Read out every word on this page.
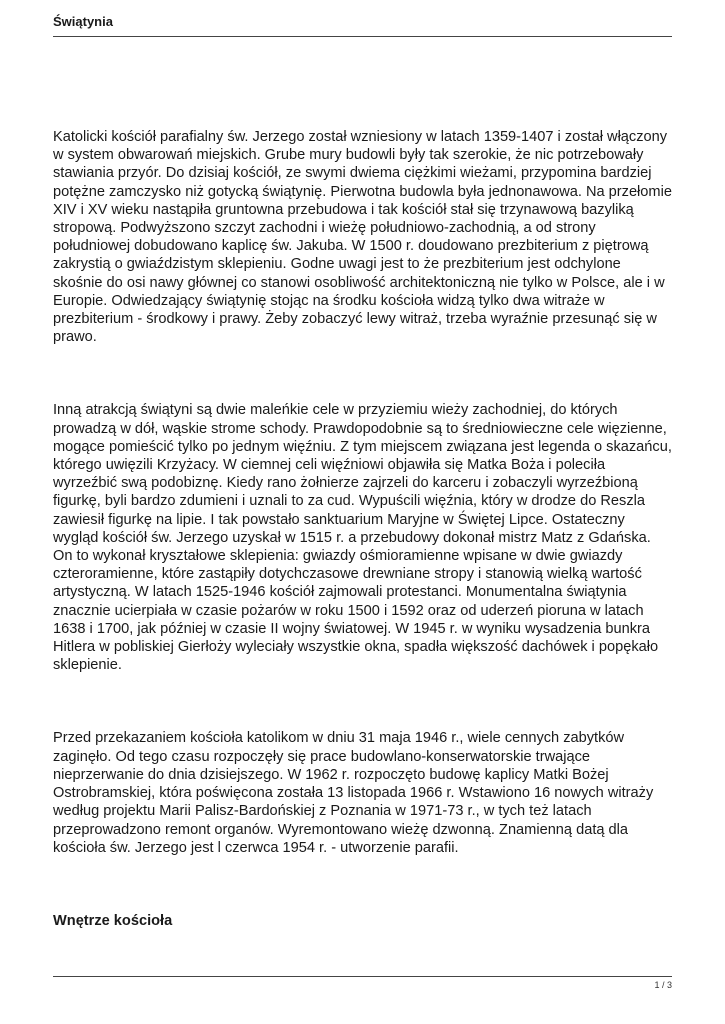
Świątynia

Katolicki kościół parafialny św. Jerzego został wzniesiony w latach 1359-1407 i został włączony w system obwarowań miejskich. Grube mury budowli były tak szerokie, że nic potrzebowały stawiania przyór. Do dzisiaj kościół, ze swymi dwiema ciężkimi wieżami, przypomina bardziej potężne zamczysko niż gotycką świątynię. Pierwotna budowla była jednonawowa. Na przełomie XIV i XV wieku nastąpiła gruntowna przebudowa i tak kościół stał się trzynawową bazyliką stropową. Podwyższono szczyt zachodni i wieżę południowo-zachodnią, a od strony południowej dobudowano kaplicę św. Jakuba. W 1500 r. doudowano prezbiterium z piętrową zakrystią o gwiaździstym sklepieniu. Godne uwagi jest to że prezbiterium jest odchylone skośnie do osi nawy głównej co stanowi osobliwość architektoniczną nie tylko w Polsce, ale i w Europie. Odwiedzający świątynię stojąc na środku kościoła widzą tylko dwa witraże w prezbiterium - środkowy i prawy. Żeby zobaczyć lewy witraż, trzeba wyraźnie przesunąć się w prawo.

Inną atrakcją świątyni są dwie maleńkie cele w przyziemiu wieży zachodniej, do których prowadzą w dół, wąskie strome schody. Prawdopodobnie są to średniowieczne cele więzienne, mogące pomieścić tylko po jednym więźniu. Z tym miejscem związana jest legenda o skazańcu, którego uwięzili Krzyżacy. W ciemnej celi więźniowi objawiła się Matka Boża i poleciła wyrzeźbić swą podobiznę. Kiedy rano żołnierze zajrzeli do karceru i zobaczyli wyrzeźbioną figurkę, byli bardzo zdumieni i uznali to za cud. Wypuścili więźnia, który w drodze do Reszla zawiesił figurkę na lipie. I tak powstało sanktuarium Maryjne w Świętej Lipce. Ostateczny wygląd kościół św. Jerzego uzyskał w 1515 r. a przebudowy dokonał mistrz Matz z Gdańska. On to wykonał kryształowe sklepienia: gwiazdy ośmioramienne wpisane w dwie gwiazdy czteroramienne, które zastąpiły dotychczasowe drewniane stropy i stanowią wielką wartość artystyczną. W latach 1525-1946 kościół zajmowali protestanci. Monumentalna świątynia znacznie ucierpiała w czasie pożarów w roku 1500 i 1592 oraz od uderzeń pioruna w latach 1638 i 1700, jak później w czasie II wojny światowej. W 1945 r. w wyniku wysadzenia bunkra Hitlera w pobliskiej Gierłoży wyleciały wszystkie okna, spadła większość dachówek i popękało sklepienie.

Przed przekazaniem kościoła katolikom w dniu 31 maja 1946 r., wiele cennych zabytków zaginęło. Od tego czasu rozpoczęły się prace budowlano-konserwatorskie trwające nieprzerwanie do dnia dzisiejszego. W 1962 r. rozpoczęto budowę kaplicy Matki Bożej Ostrobramskiej, która poświęcona została 13 listopada 1966 r. Wstawiono 16 nowych witraży według projektu Marii Palisz-Bardońskiej z Poznania w 1971-73 r., w tych też latach przeprowadzono remont organów. Wyremontowano wieżę dzwonną. Znamienną datą dla kościoła św. Jerzego jest l czerwca 1954 r. - utworzenie parafii.

Wnętrze kościoła
1 / 3
